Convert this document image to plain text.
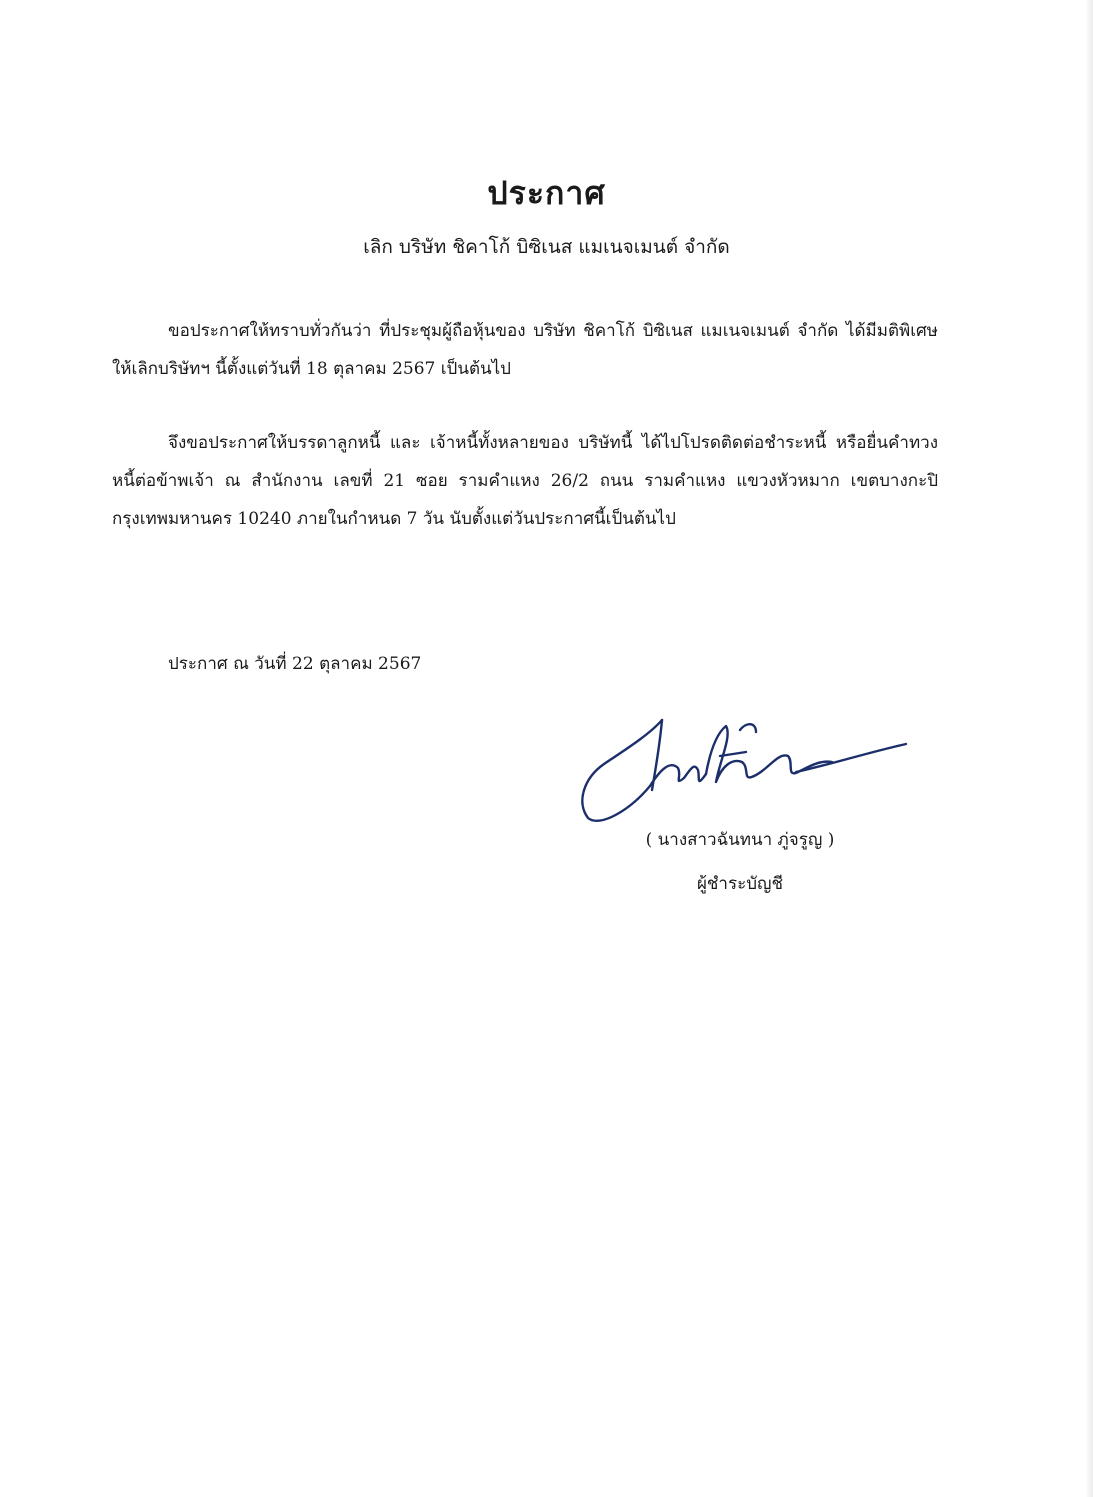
ประกาศ
เลิก บริษัท ชิคาโก้ บิซิเนส แมเนจเมนต์ จำกัด
ขอประกาศให้ทราบทั่วกันว่า ที่ประชุมผู้ถือหุ้นของ บริษัท ชิคาโก้ บิซิเนส แมเนจเมนต์ จำกัด ได้มีมติพิเศษให้เลิกบริษัทฯ นี้ตั้งแต่วันที่ 18 ตุลาคม 2567 เป็นต้นไป
จึงขอประกาศให้บรรดาลูกหนี้ และ เจ้าหนี้ทั้งหลายของ บริษัทนี้ ได้ไปโปรดติดต่อชำระหนี้ หรือยื่นคำทวงหนี้ต่อข้าพเจ้า ณ สำนักงาน เลขที่ 21 ซอย รามคำแหง 26/2 ถนน รามคำแหง แขวงหัวหมาก เขตบางกะปิ กรุงเทพมหานคร 10240 ภายในกำหนด 7 วัน นับตั้งแต่วันประกาศนี้เป็นต้นไป
ประกาศ ณ วันที่ 22 ตุลาคม 2567
( นางสาวฉันทนา ภู่จรูญ )
ผู้ชำระบัญชี
